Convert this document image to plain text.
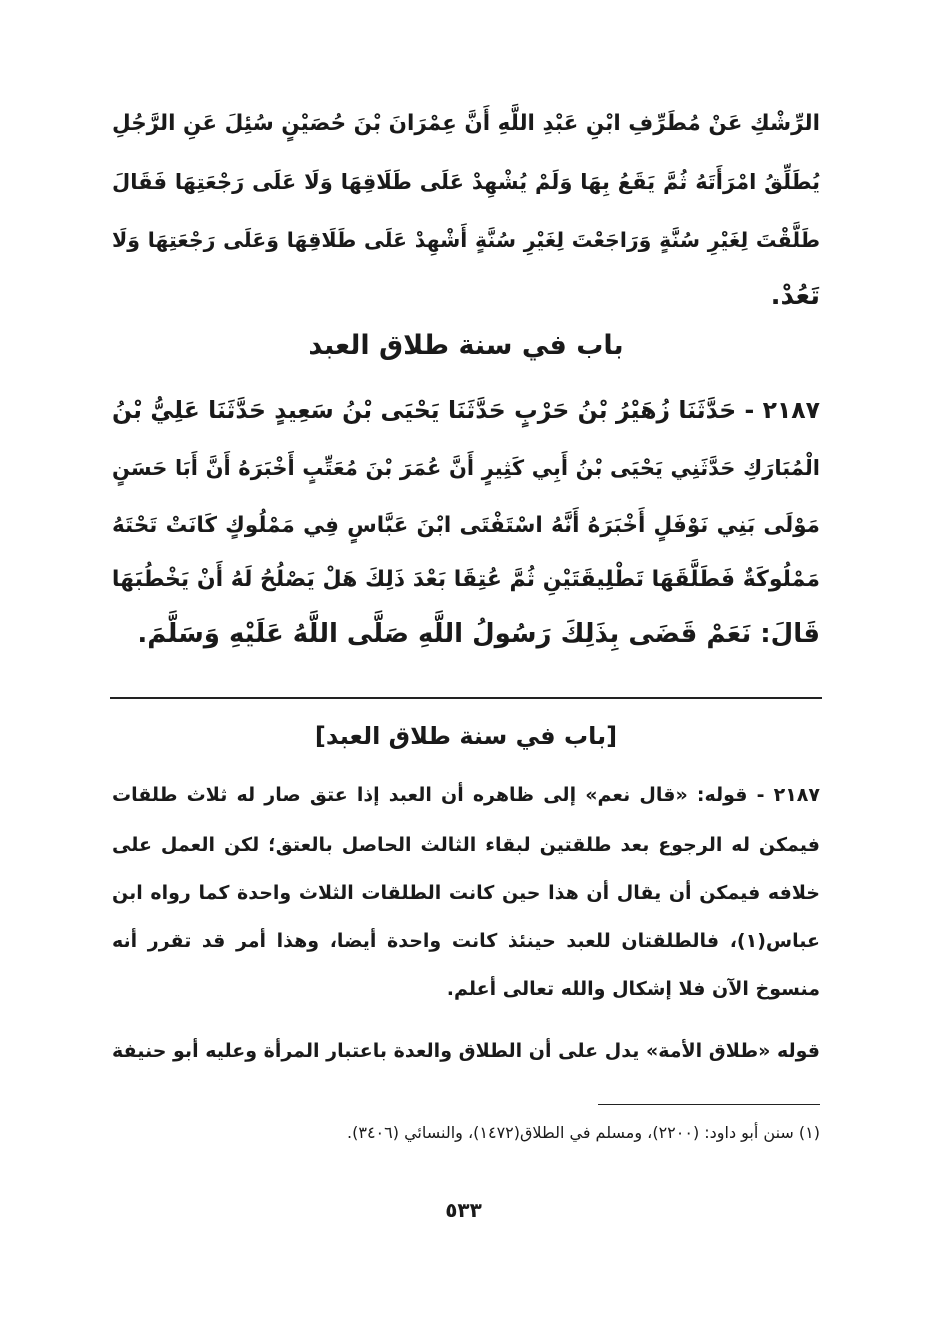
الرِّشْكِ عَنْ مُطَرِّفِ ابْنِ عَبْدِ اللَّهِ أَنَّ عِمْرَانَ بْنَ حُصَيْنٍ سُئِلَ عَنِ الرَّجُلِ
يُطَلِّقُ امْرَأَتَهُ ثُمَّ يَقَعُ بِهَا وَلَمْ يُشْهِدْ عَلَى طَلَاقِهَا وَلَا عَلَى رَجْعَتِهَا فَقَالَ
طَلَّقْتَ لِغَيْرِ سُنَّةٍ وَرَاجَعْتَ لِغَيْرِ سُنَّةٍ أَشْهِدْ عَلَى طَلَاقِهَا وَعَلَى رَجْعَتِهَا وَلَا
تَعُدْ.
باب في سنة طلاق العبد
٢١٨٧ - حَدَّثَنَا زُهَيْرُ بْنُ حَرْبٍ حَدَّثَنَا يَحْيَى بْنُ سَعِيدٍ حَدَّثَنَا عَلِيُّ بْنُ
الْمُبَارَكِ حَدَّثَنِي يَحْيَى بْنُ أَبِي كَثِيرٍ أَنَّ عُمَرَ بْنَ مُعَتِّبٍ أَخْبَرَهُ أَنَّ أَبَا حَسَنٍ
مَوْلَى بَنِي نَوْفَلٍ أَخْبَرَهُ أَنَّهُ اسْتَفْتَى ابْنَ عَبَّاسٍ فِي مَمْلُوكٍ كَانَتْ تَحْتَهُ
مَمْلُوكَةٌ فَطَلَّقَهَا تَطْلِيقَتَيْنِ ثُمَّ عُتِقَا بَعْدَ ذَلِكَ هَلْ يَصْلُحُ لَهُ أَنْ يَخْطُبَهَا
قَالَ: نَعَمْ قَضَى بِذَلِكَ رَسُولُ اللَّهِ صَلَّى اللَّهُ عَلَيْهِ وَسَلَّمَ.
[باب في سنة طلاق العبد]
٢١٨٧ - قوله: «قال نعم» إلى ظاهره أن العبد إذا عتق صار له ثلاث طلقات
فيمكن له الرجوع بعد طلقتين لبقاء الثالث الحاصل بالعتق؛ لكن العمل على
خلافه فيمكن أن يقال أن هذا حين كانت الطلقات الثلاث واحدة كما رواه ابن
عباس(١)، فالطلقتان للعبد حينئذ كانت واحدة أيضا، وهذا أمر قد تقرر أنه
منسوخ الآن فلا إشكال والله تعالى أعلم.
قوله «طلاق الأمة» يدل على أن الطلاق والعدة باعتبار المرأة وعليه أبو حنيفة
(١) سنن أبو داود: (٢٢٠٠)، ومسلم في الطلاق(١٤٧٢)، والنسائي (٣٤٠٦).
٥٣٣
